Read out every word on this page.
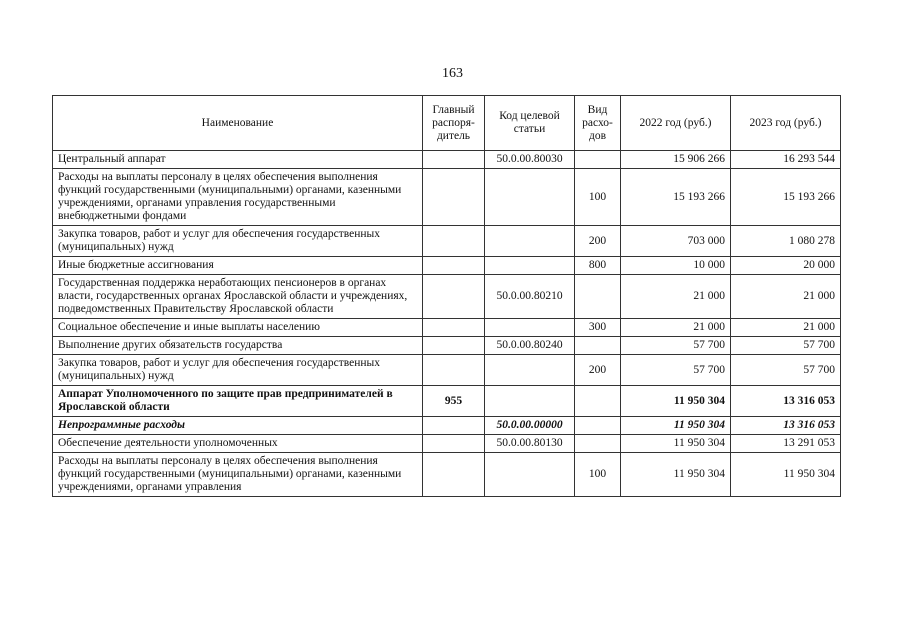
163
Наименование	Главный распоря-дитель	Код целевой статьи	Вид расхо-дов	2022 год (руб.)	2023 год (руб.)
Центральный аппарат		50.0.00.80030		15 906 266	16 293 544
Расходы на выплаты персоналу в целях обеспечения выполнения функций государственными (муниципальными) органами, казенными учреждениями, органами управления государственными внебюджетными фондами			100	15 193 266	15 193 266
Закупка товаров, работ и услуг для обеспечения государственных (муниципальных) нужд			200	703 000	1 080 278
Иные бюджетные ассигнования			800	10 000	20 000
Государственная поддержка неработающих пенсионеров в органах власти, государственных органах Ярославской области и учреждениях, подведомственных Правительству Ярославской области		50.0.00.80210		21 000	21 000
Социальное обеспечение и иные выплаты населению			300	21 000	21 000
Выполнение других обязательств государства		50.0.00.80240		57 700	57 700
Закупка товаров, работ и услуг для обеспечения государственных (муниципальных) нужд			200	57 700	57 700
Аппарат Уполномоченного по защите прав предпринимателей в Ярославской области	955			11 950 304	13 316 053
Непрограммные расходы		50.0.00.00000		11 950 304	13 316 053
Обеспечение деятельности уполномоченных		50.0.00.80130		11 950 304	13 291 053
Расходы на выплаты персоналу в целях обеспечения выполнения функций государственными (муниципальными) органами, казенными учреждениями, органами управления			100	11 950 304	11 950 304
